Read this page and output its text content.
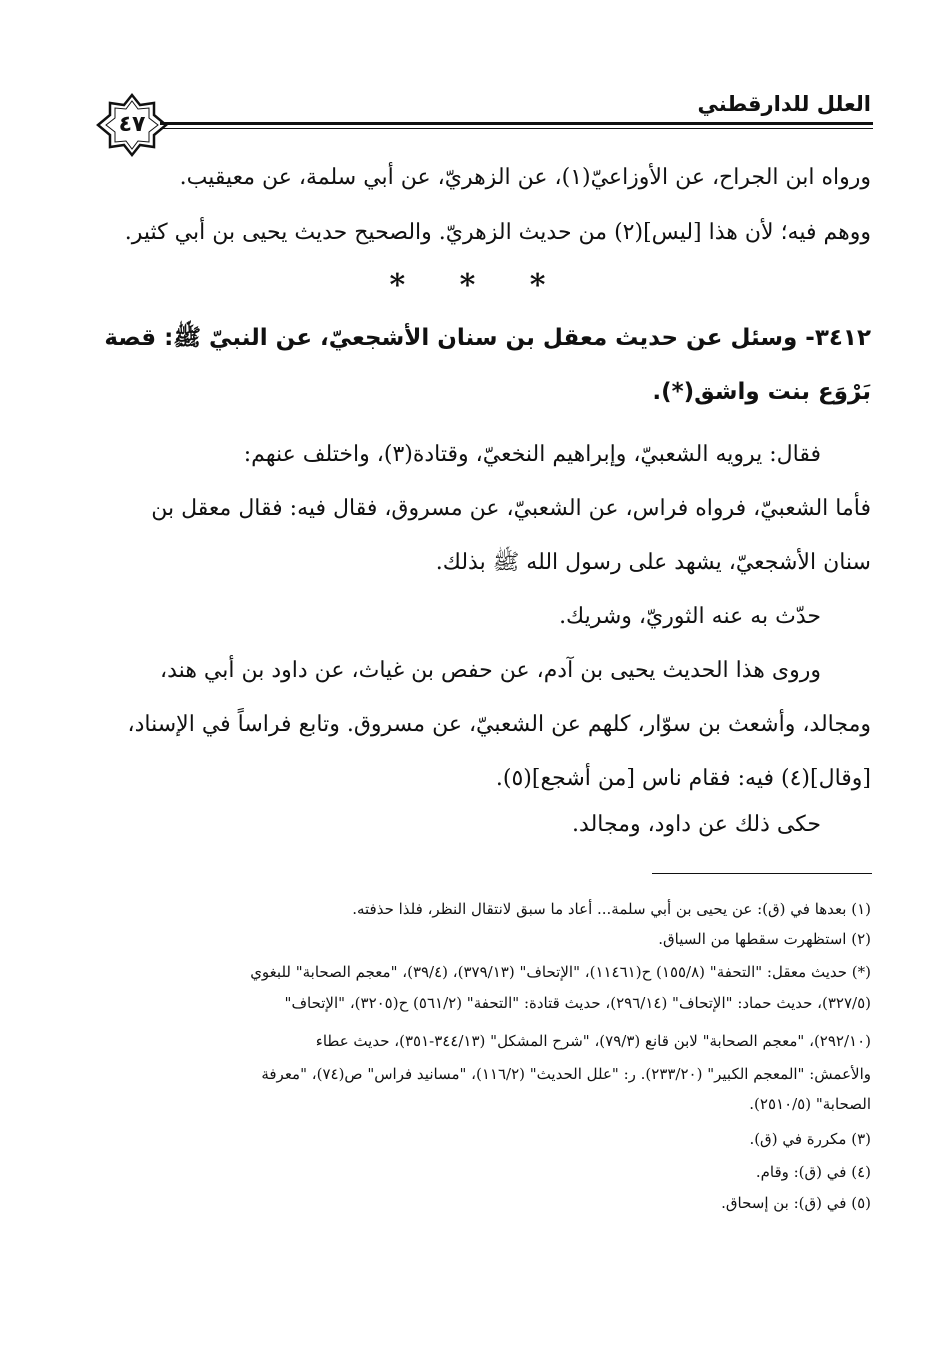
العلل للدارقطني
٤٧
ورواه ابن الجراح، عن الأوزاعيّ(١)، عن الزهريّ، عن أبي سلمة، عن معيقيب.
ووهم فيه؛ لأن هذا [ليس](٢) من حديث الزهريّ. والصحيح حديث يحيى بن أبي كثير.
* * *
٣٤١٢- وسئل عن حديث معقل بن سنان الأشجعيّ، عن النبيّ ﷺ: قصة
بَرْوَع بنت واشق(*).
فقال: يرويه الشعبيّ، وإبراهيم النخعيّ، وقتادة(٣)، واختلف عنهم:
فأما الشعبيّ، فرواه فراس، عن الشعبيّ، عن مسروق، فقال فيه: فقال معقل بن
سنان الأشجعيّ، يشهد على رسول الله ﷺ بذلك.
حدّث به عنه الثوريّ، وشريك.
وروى هذا الحديث يحيى بن آدم، عن حفص بن غياث، عن داود بن أبي هند،
ومجالد، وأشعث بن سوّار، كلهم عن الشعبيّ، عن مسروق. وتابع فراساً في الإسناد،
[وقال](٤) فيه: فقام ناس [من أشجع](٥).
حكى ذلك عن داود، ومجالد.
(١) بعدها في (ق): عن يحيى بن أبي سلمة... أعاد ما سبق لانتقال النظر، فلذا حذفته.
(٢) استظهرت سقطها من السياق.
(*) حديث معقل: "التحفة" (١٥٥/٨) ح(١١٤٦١)، "الإتحاف" (٣٧٩/١٣)، (٣٩/٤)، "معجم الصحابة" للبغوي
(٣٢٧/٥)، حديث حماد: "الإتحاف" (٢٩٦/١٤)، حديث قتادة: "التحفة" (٥٦١/٢) ح(٣٢٠٥)، "الإتحاف"
(٢٩٢/١٠)، "معجم الصحابة" لابن قانع (٧٩/٣)، "شرح المشكل" (٣٤٤/١٣-٣٥١)، حديث عطاء
والأعمش: "المعجم الكبير" (٢٣٣/٢٠). ر: "علل الحديث" (١١٦/٢)، "مسانيد فراس" ص(٧٤)، "معرفة
الصحابة" (٢٥١٠/٥).
(٣) مكررة في (ق).
(٤) في (ق): وقام.
(٥) في (ق): بن إسحاق.
